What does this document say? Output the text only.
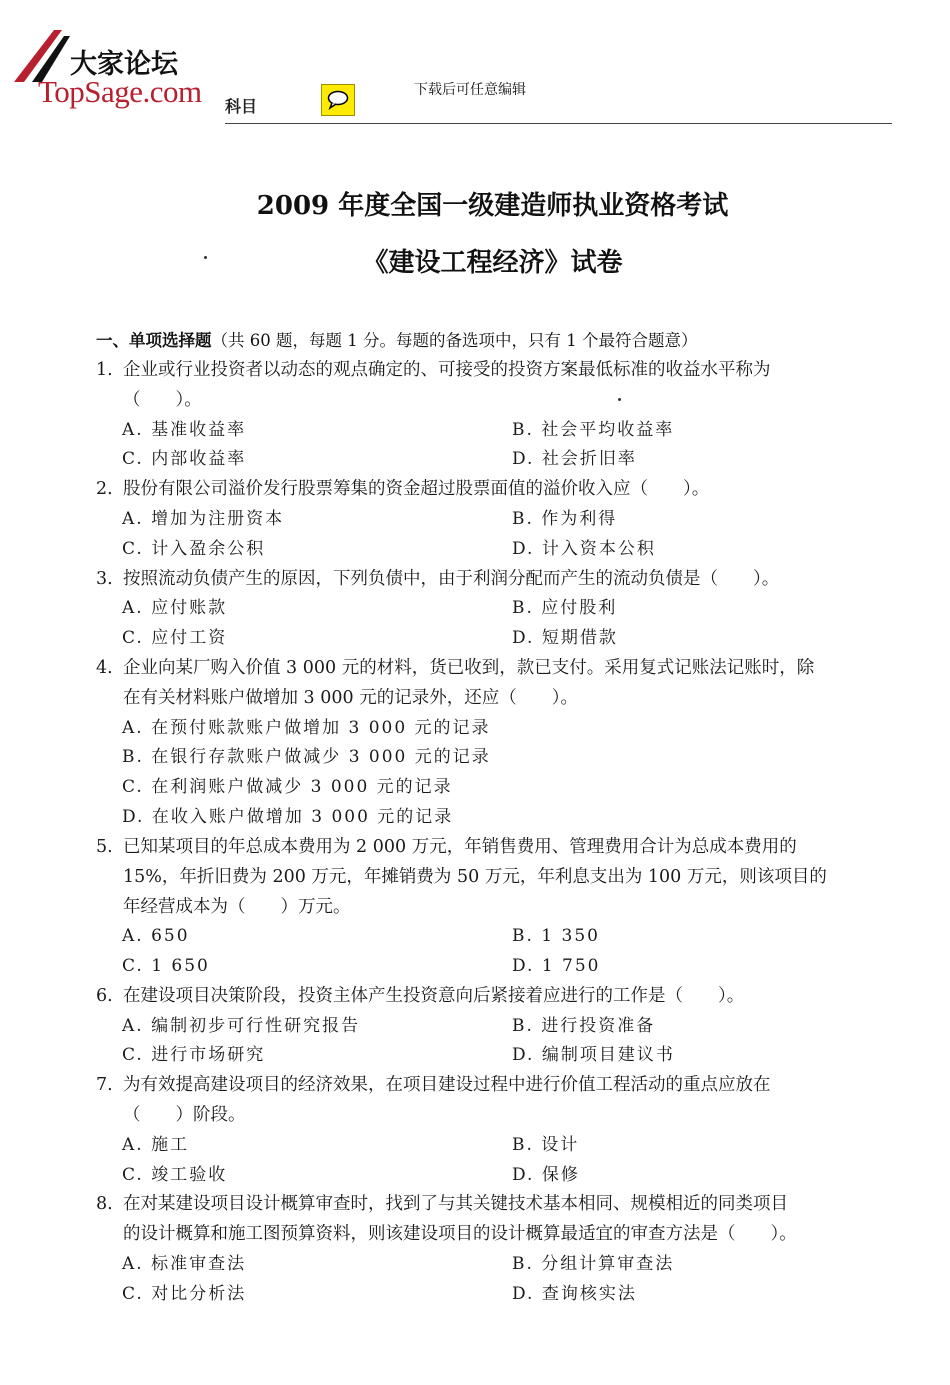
大家论坛
TopSage.com 科目
下载后可任意编辑
2009 年度全国一级建造师执业资格考试
《建设工程经济》试卷
一、单项选择题（共 60 题，每题 1 分。每题的备选项中，只有 1 个最符合题意）
1. 企业或行业投资者以动态的观点确定的、可接受的投资方案最低标准的收益水平称为
（　　）。
A. 基准收益率	B. 社会平均收益率
C. 内部收益率	D. 社会折旧率
2. 股份有限公司溢价发行股票筹集的资金超过股票面值的溢价收入应（　　）。
A. 增加为注册资本	B. 作为利得
C. 计入盈余公积	D. 计入资本公积
3. 按照流动负债产生的原因，下列负债中，由于利润分配而产生的流动负债是（　　）。
A. 应付账款	B. 应付股利
C. 应付工资	D. 短期借款
4. 企业向某厂购入价值 3 000 元的材料，货已收到，款已支付。采用复式记账法记账时，除
在有关材料账户做增加 3 000 元的记录外，还应（　　）。
A. 在预付账款账户做增加 3 000 元的记录
B. 在银行存款账户做减少 3 000 元的记录
C. 在利润账户做减少 3 000 元的记录
D. 在收入账户做增加 3 000 元的记录
5. 已知某项目的年总成本费用为 2 000 万元，年销售费用、管理费用合计为总成本费用的
15%，年折旧费为 200 万元，年摊销费为 50 万元，年利息支出为 100 万元，则该项目的
年经营成本为（　　）万元。
A. 650	B. 1 350
C. 1 650	D. 1 750
6. 在建设项目决策阶段，投资主体产生投资意向后紧接着应进行的工作是（　　）。
A. 编制初步可行性研究报告	B. 进行投资准备
C. 进行市场研究	D. 编制项目建议书
7. 为有效提高建设项目的经济效果，在项目建设过程中进行价值工程活动的重点应放在
（　　）阶段。
A. 施工	B. 设计
C. 竣工验收	D. 保修
8. 在对某建设项目设计概算审查时，找到了与其关键技术基本相同、规模相近的同类项目
的设计概算和施工图预算资料，则该建设项目的设计概算最适宜的审查方法是（　　）。
A. 标准审查法	B. 分组计算审查法
C. 对比分析法	D. 查询核实法
